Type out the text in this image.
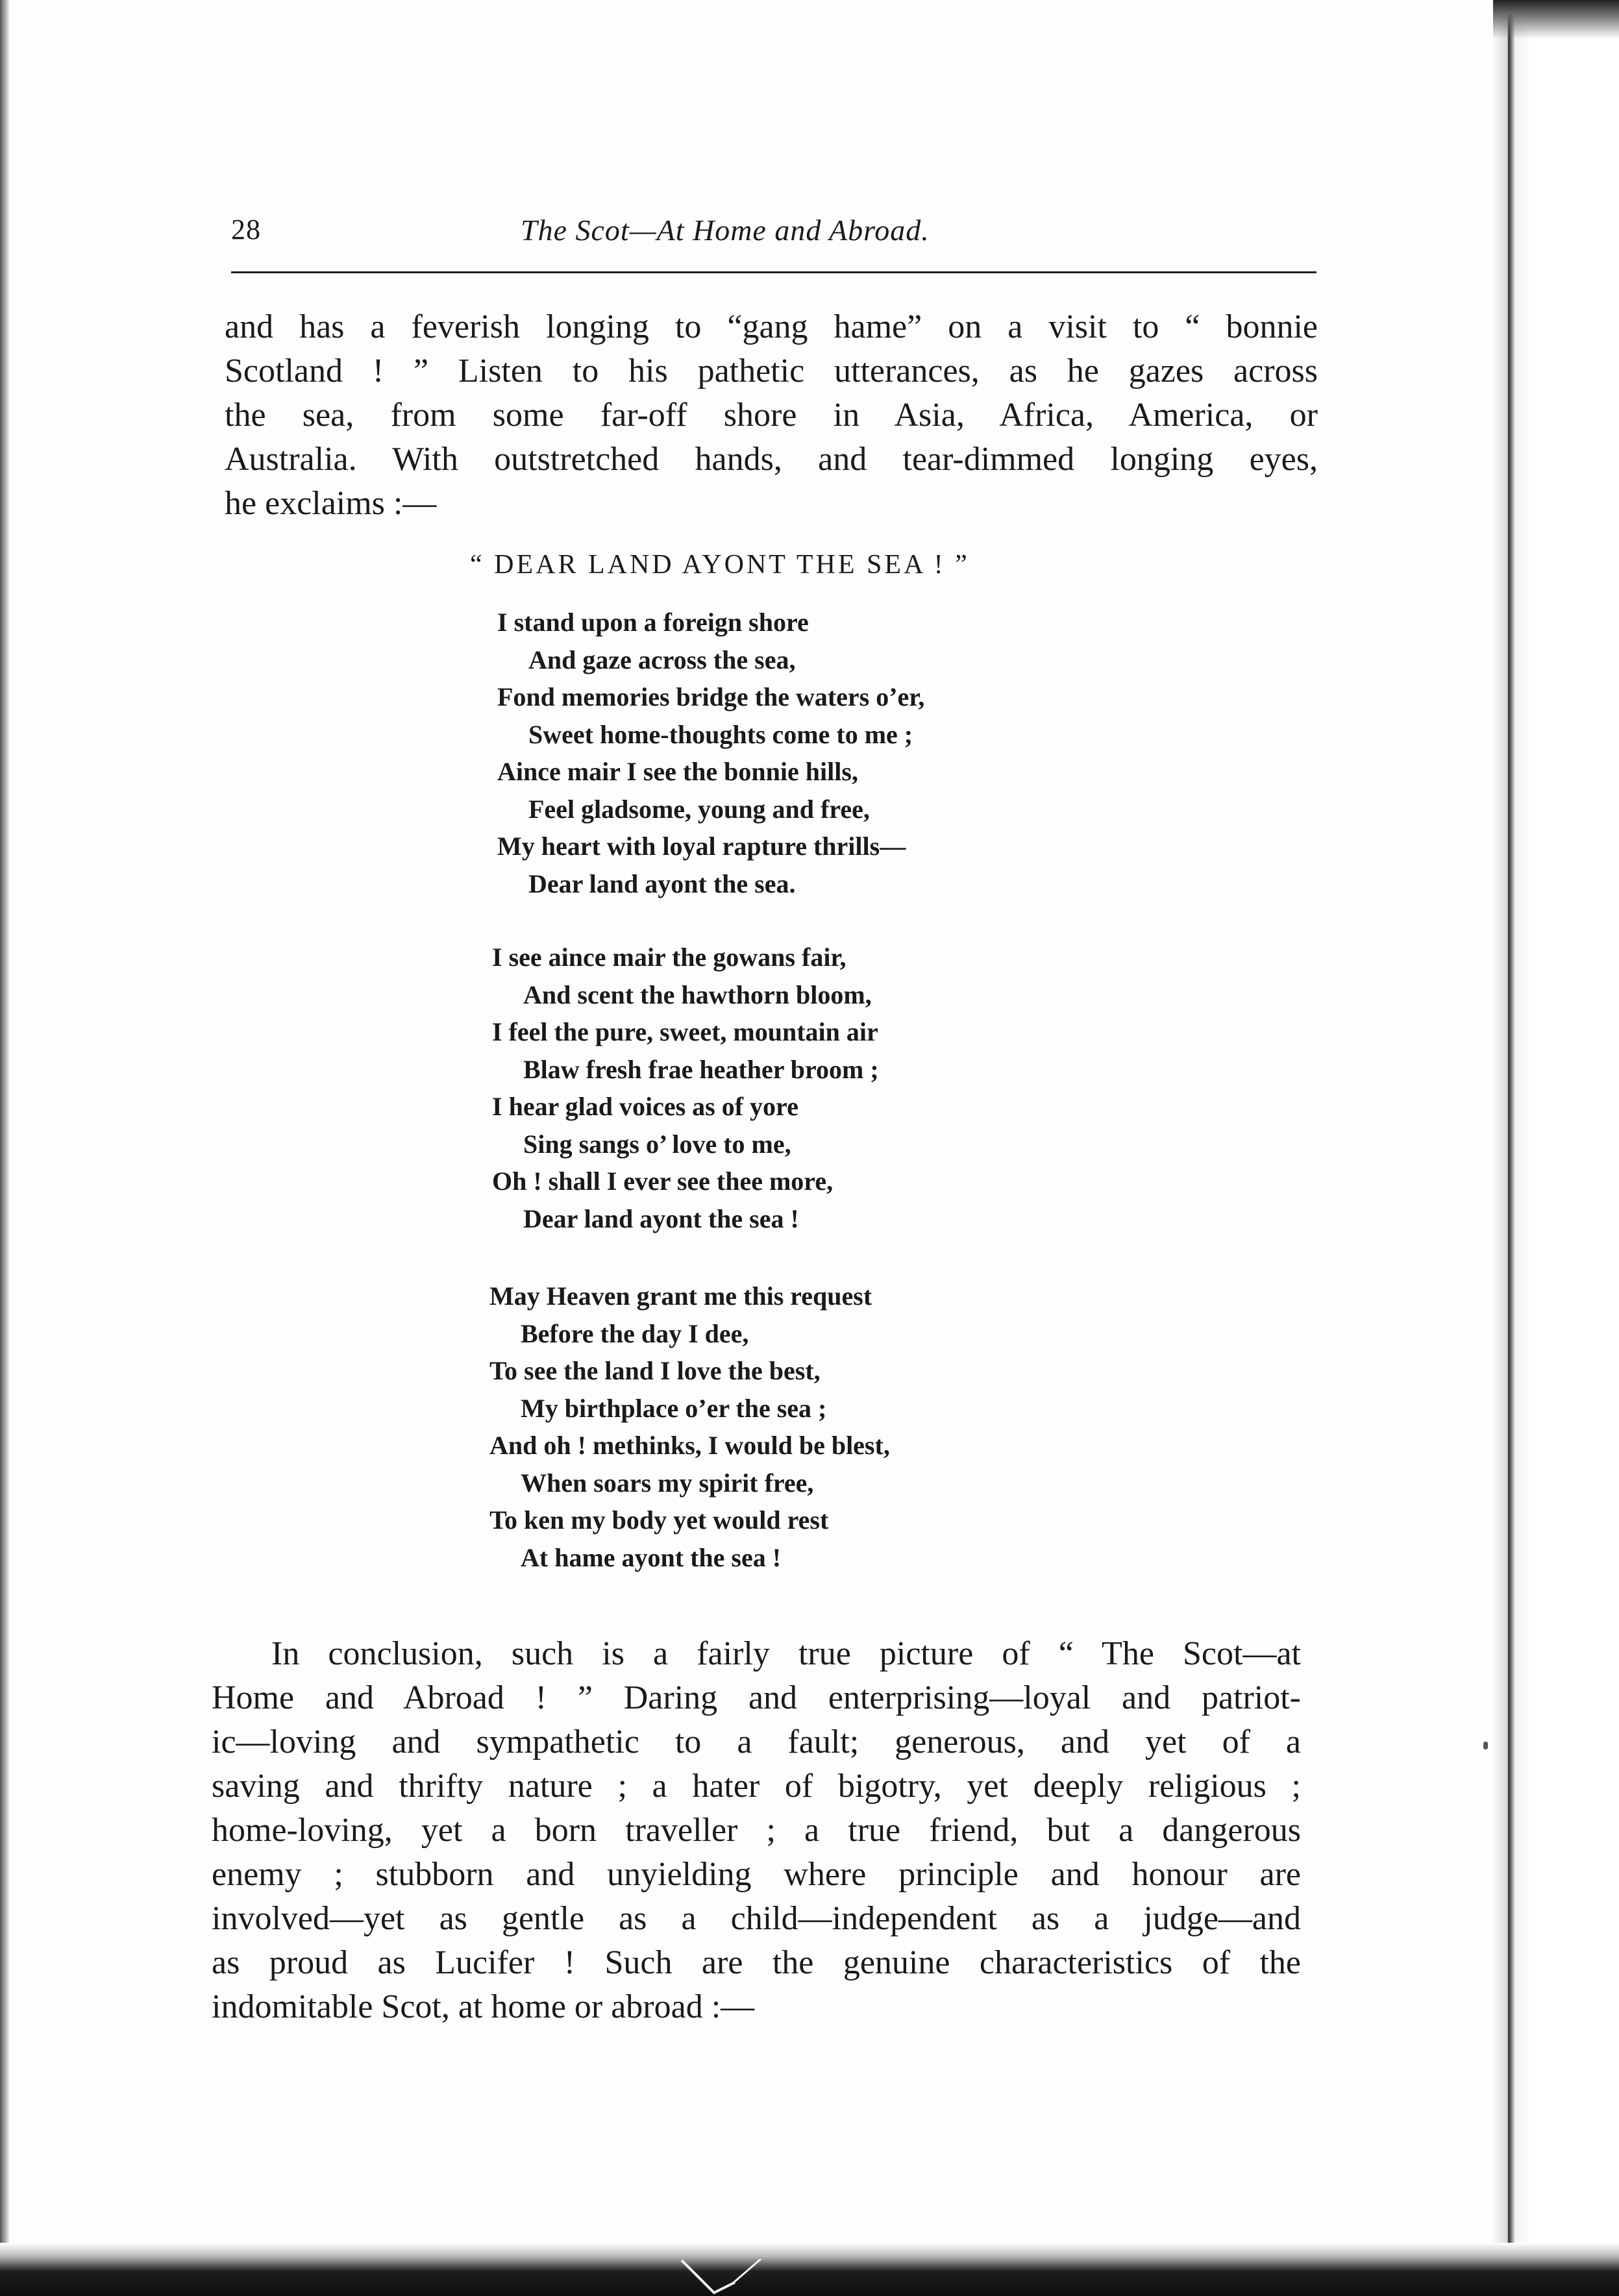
28	The Scot—At Home and Abroad.
and has a feverish longing to “gang hame” on a visit to “ bonnie
Scotland ! ” Listen to his pathetic utterances, as he gazes across
the sea, from some far-off shore in Asia, Africa, America, or
Australia. With outstretched hands, and tear-dimmed longing eyes,
he exclaims :—
“ DEAR LAND AYONT THE SEA ! ”
I stand upon a foreign shore
And gaze across the sea,
Fond memories bridge the waters o’er,
Sweet home-thoughts come to me ;
Aince mair I see the bonnie hills,
Feel gladsome, young and free,
My heart with loyal rapture thrills—
Dear land ayont the sea.
I see aince mair the gowans fair,
And scent the hawthorn bloom,
I feel the pure, sweet, mountain air
Blaw fresh frae heather broom ;
I hear glad voices as of yore
Sing sangs o’ love to me,
Oh ! shall I ever see thee more,
Dear land ayont the sea !
May Heaven grant me this request
Before the day I dee,
To see the land I love the best,
My birthplace o’er the sea ;
And oh ! methinks, I would be blest,
When soars my spirit free,
To ken my body yet would rest
At hame ayont the sea !
In conclusion, such is a fairly true picture of “ The Scot—at
Home and Abroad ! ” Daring and enterprising—loyal and patriot-
ic—loving and sympathetic to a fault; generous, and yet of a
saving and thrifty nature ; a hater of bigotry, yet deeply religious ;
home-loving, yet a born traveller ; a true friend, but a dangerous
enemy ; stubborn and unyielding where principle and honour are
involved—yet as gentle as a child—independent as a judge—and
as proud as Lucifer ! Such are the genuine characteristics of the
indomitable Scot, at home or abroad :—
